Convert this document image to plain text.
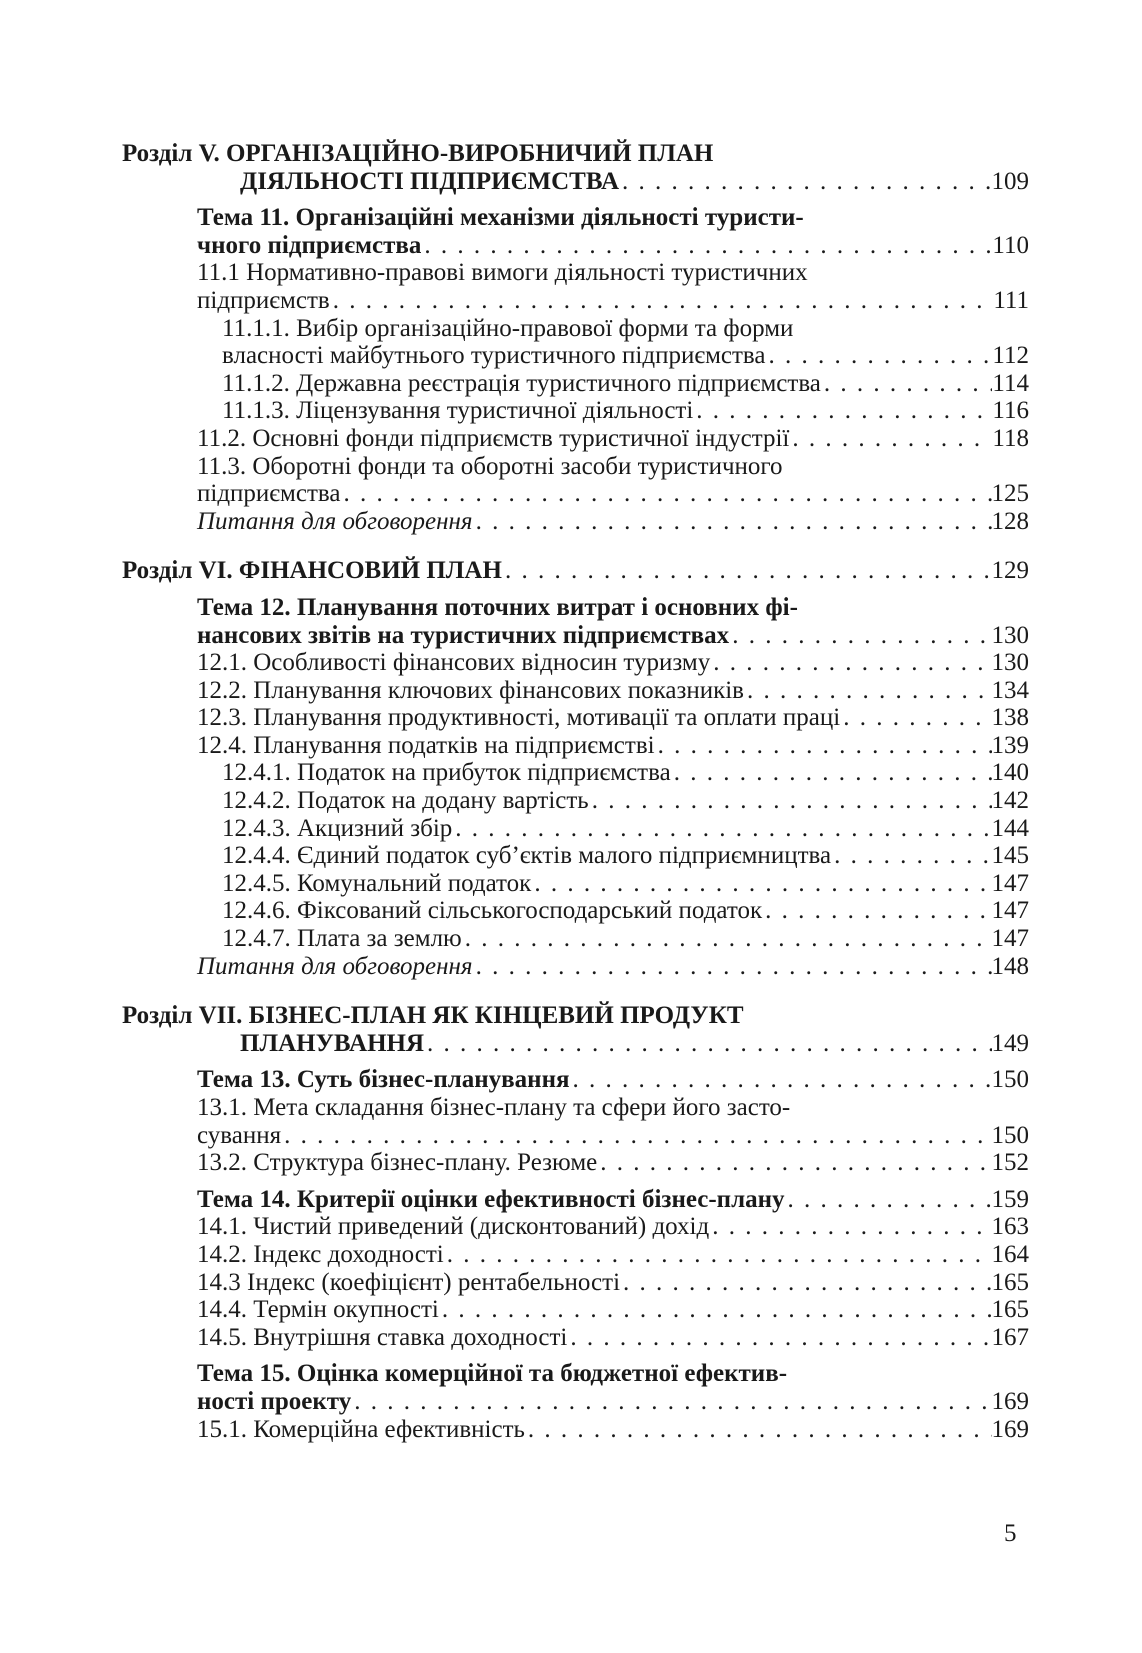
Розділ V. ОРГАНІЗАЦІЙНО-ВИРОБНИЧИЙ ПЛАН
ДІЯЛЬНОСТІ ПІДПРИЄМСТВА . . .	109
Тема 11. Організаційні механізми діяльності туристи-
чного підприємства . . .	110
11.1 Нормативно-правові вимоги діяльності туристичних
підприємств . . .	111
11.1.1. Вибір організаційно-правової форми та форми
власності майбутнього туристичного підприємства . . .	112
11.1.2. Державна реєстрація туристичного підприємства . . .	114
11.1.3. Ліцензування туристичної діяльності . . .	116
11.2. Основні фонди підприємств туристичної індустрії . . .	118
11.3. Оборотні фонди та оборотні засоби туристичного
підприємства . . .	125
Питання для обговорення . . .	128
Розділ VI. ФІНАНСОВИЙ ПЛАН . . .	129
Тема 12. Планування поточних витрат і основних фі-
нансових звітів на туристичних підприємствах . . .	130
12.1. Особливості фінансових відносин туризму . . .	130
12.2. Планування ключових фінансових показників . . .	134
12.3. Планування продуктивності, мотивації та оплати праці . . .	138
12.4. Планування податків на підприємстві . . .	139
12.4.1. Податок на прибуток підприємства . . .	140
12.4.2. Податок на додану вартість . . .	142
12.4.3. Акцизний збір . . .	144
12.4.4. Єдиний податок суб’єктів малого підприємництва . . .	145
12.4.5. Комунальний податок . . .	147
12.4.6. Фіксований сільськогосподарський податок . . .	147
12.4.7. Плата за землю . . .	147
Питання для обговорення . . .	148
Розділ VII. БІЗНЕС-ПЛАН ЯК КІНЦЕВИЙ ПРОДУКТ
ПЛАНУВАННЯ . . .	149
Тема 13. Суть бізнес-планування . . .	150
13.1. Мета складання бізнес-плану та сфери його засто-
сування . . .	150
13.2. Структура бізнес-плану. Резюме . . .	152
Тема 14. Критерії оцінки ефективності бізнес-плану . . .	159
14.1. Чистий приведений (дисконтований) дохід . . .	163
14.2. Індекс доходності . . .	164
14.3 Індекс (коефіцієнт) рентабельності . . .	165
14.4. Термін окупності . . .	165
14.5. Внутрішня ставка доходності . . .	167
Тема 15. Оцінка комерційної та бюджетної ефектив-
ності проекту . . .	169
15.1. Комерційна ефективність . . .	169
5
